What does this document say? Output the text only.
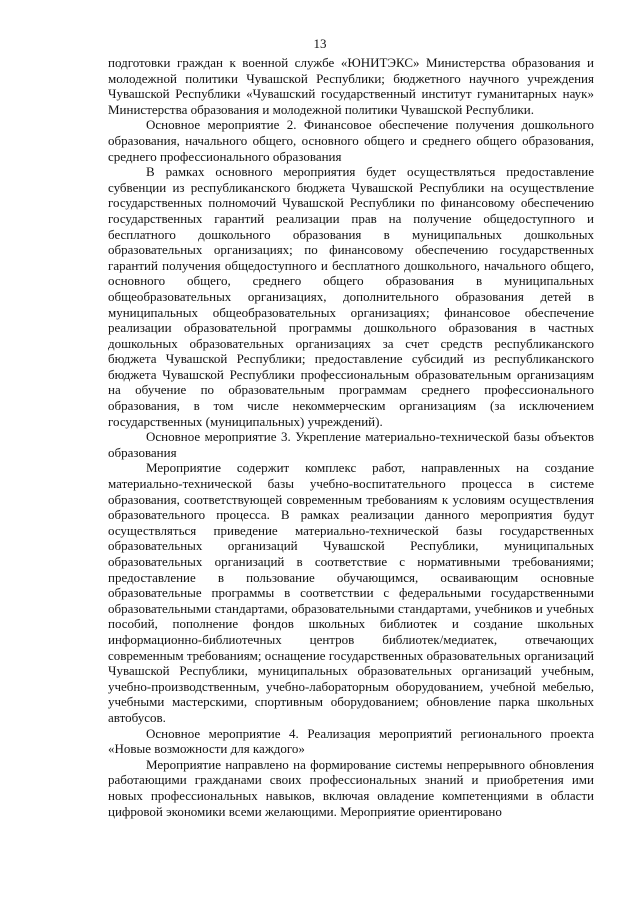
13

подготовки граждан к военной службе «ЮНИТЭКС» Министерства образования и молодежной политики Чувашской Республики; бюджетного научного учреждения Чувашской Республики «Чувашский государственный институт гуманитарных наук» Министерства образования и молодежной политики Чувашской Республики.

Основное мероприятие 2. Финансовое обеспечение получения дошкольного образования, начального общего, основного общего и среднего общего образования, среднего профессионального образования

В рамках основного мероприятия будет осуществляться предоставление субвенции из республиканского бюджета Чувашской Республики на осуществление государственных полномочий Чувашской Республики по финансовому обеспечению государственных гарантий реализации прав на получение общедоступного и бесплатного дошкольного образования в муниципальных дошкольных образовательных организациях; по финансовому обеспечению государственных гарантий получения общедоступного и бесплатного дошкольного, начального общего, основного общего, среднего общего образования в муниципальных общеобразовательных организациях, дополнительного образования детей в муниципальных общеобразовательных организациях; финансовое обеспечение реализации образовательной программы дошкольного образования в частных дошкольных образовательных организациях за счет средств республиканского бюджета Чувашской Республики; предоставление субсидий из республиканского бюджета Чувашской Республики профессиональным образовательным организациям на обучение по образовательным программам среднего профессионального образования, в том числе некоммерческим организациям (за исключением государственных (муниципальных) учреждений).

Основное мероприятие 3. Укрепление материально-технической базы объектов образования

Мероприятие содержит комплекс работ, направленных на создание материально-технической базы учебно-воспитательного процесса в системе образования, соответствующей современным требованиям к условиям осуществления образовательного процесса. В рамках реализации данного мероприятия будут осуществляться приведение материально-технической базы государственных образовательных организаций Чувашской Республики, муниципальных образовательных организаций в соответствие с нормативными требованиями; предоставление в пользование обучающимся, осваивающим основные образовательные программы в соответствии с федеральными государственными образовательными стандартами, образовательными стандартами, учебников и учебных пособий, пополнение фондов школьных библиотек и создание школьных информационно-библиотечных центров библиотек/медиатек, отвечающих современным требованиям; оснащение государственных образовательных организаций Чувашской Республики, муниципальных образовательных организаций учебным, учебно-производственным, учебно-лабораторным оборудованием, учебной мебелью, учебными мастерскими, спортивным оборудованием; обновление парка школьных автобусов.

Основное мероприятие 4. Реализация мероприятий регионального проекта «Новые возможности для каждого»

Мероприятие направлено на формирование системы непрерывного обновления работающими гражданами своих профессиональных знаний и приобретения ими новых профессиональных навыков, включая овладение компетенциями в области цифровой экономики всеми желающими. Мероприятие ориентировано
